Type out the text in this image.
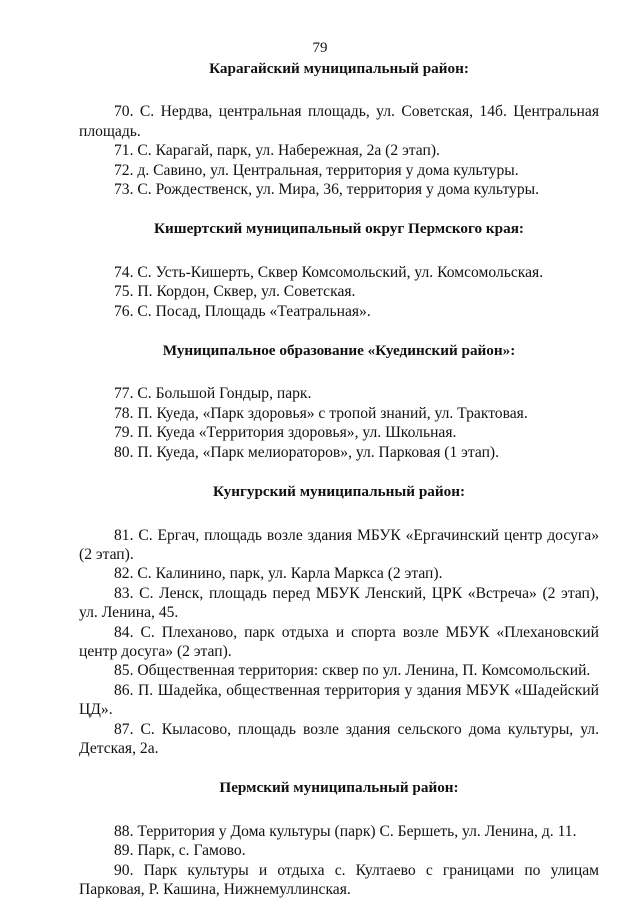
79

Карагайский муниципальный район:

70. С. Нердва, центральная площадь, ул. Советская, 14б. Центральная площадь.

71. С. Карагай, парк, ул. Набережная, 2а (2 этап).

72. д. Савино, ул. Центральная, территория у дома культуры.

73. С. Рождественск, ул. Мира, 36, территория у дома культуры.

Кишертский муниципальный округ Пермского края:

74. С. Усть-Кишерть, Сквер Комсомольский, ул. Комсомольская.

75. П. Кордон, Сквер, ул. Советская.

76. С. Посад, Площадь «Театральная».

Муниципальное образование «Куединский район»:

77. С. Большой Гондыр, парк.

78. П. Куеда, «Парк здоровья» с тропой знаний, ул. Трактовая.

79. П. Куеда «Территория здоровья», ул. Школьная.

80. П. Куеда, «Парк мелиораторов», ул. Парковая (1 этап).

Кунгурский муниципальный район:

81. С. Ергач, площадь возле здания МБУК «Ергачинский центр досуга» (2 этап).

82. С. Калинино, парк, ул. Карла Маркса (2 этап).

83. С. Ленск, площадь перед МБУК Ленский, ЦРК «Встреча» (2 этап), ул. Ленина, 45.

84. С. Плеханово, парк отдыха и спорта возле МБУК «Плехановский центр досуга» (2 этап).

85. Общественная территория: сквер по ул. Ленина, П. Комсомольский.

86. П. Шадейка, общественная территория у здания МБУК «Шадейский ЦД».

87. С. Кыласово, площадь возле здания сельского дома культуры, ул. Детская, 2а.

Пермский муниципальный район:

88. Территория у Дома культуры (парк) С. Бершеть, ул. Ленина, д. 11.

89. Парк, с. Гамово.

90. Парк культуры и отдыха с. Култаево с границами по улицам Парковая, Р. Кашина, Нижнемуллинская.
